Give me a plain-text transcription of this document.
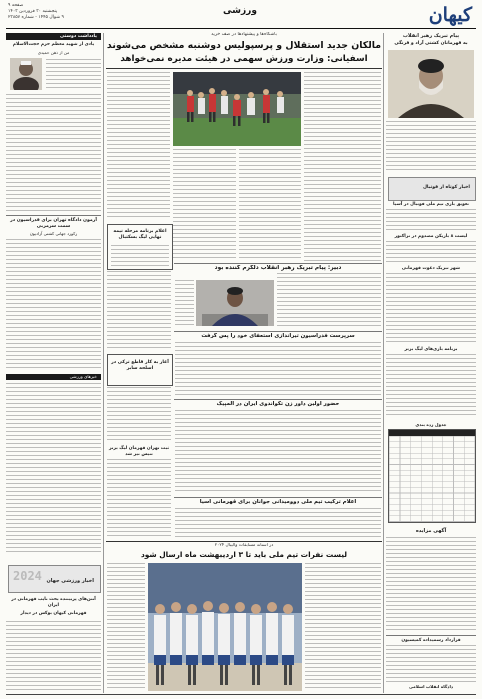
کیهان
ورزشی
صفحه ۹
پنجشنبه ۳۰ فروردین ۱۴۰۳
۹ شوال ۱۴۴۵ - شماره ۲۳۸۵۷
یادداشت دوستی
یادی از شهید معظم حرم حجت‌الاسلام
من از ذهن حمیدی
آزمون دادگاه تهران برای فدراسیون در سمت سرمربی
رکورد جهانی کشتی آزادیون
خبرهای ورزشی
اخبار ورزشی جهان
2024
آنتن‌های پربیننده بحث نایب قهرمانی در ایران
قهرمانی کیهان بوکس در دیدار
پیام تبریک رهبر انقلاب
به قهرمانان کشتی آزاد و فرنگی
اخبار کوتاه از فوتبال
تعویق بازی تیم ملی فوتبال در آسیا
لیست ۸ بازیکن مصدوم در تراکتور
شهر تبریک دعوت قهرمانی
برنامه بازی‌های لیگ برتر
جدول رده بندی
آگهی مزایده
قرارداد رسمیداده کمیسیون
دادگاه انقلاب اسلامی
باشگاه‌ها و پیشنهاد‌ها در صف خرید
مالکان جدید استقلال و پرسپولیس دوشنبه مشخص می‌شوند
اسفیانی: وزارت ورزش سهمی در هیئت مدیره نمی‌خواهد
اعلام برنامه مرحله نیمه نهایی لیگ بسکتبال
آغاز به کار قاطع ترکی در اسلحه سابر
ثبت تهران قهرمان لیگ برتر تنیس نیز شد
دبیر: پیام تبریک رهبر انقلاب دلگرم کننده بود
سرپرست فدراسیون تیراندازی استعفای خود را پس گرفت
حضور اولین داور زن تکواندوی ایران در المپیک
اعلام ترکیب تیم ملی دوومیدانی جوانان برای قهرمانی آسیا
در آستانه مسابقات والیبال ۲۰۲۴
لیست نفرات تیم ملی باید تا ۳ اردیبهشت ماه ارسال شود
